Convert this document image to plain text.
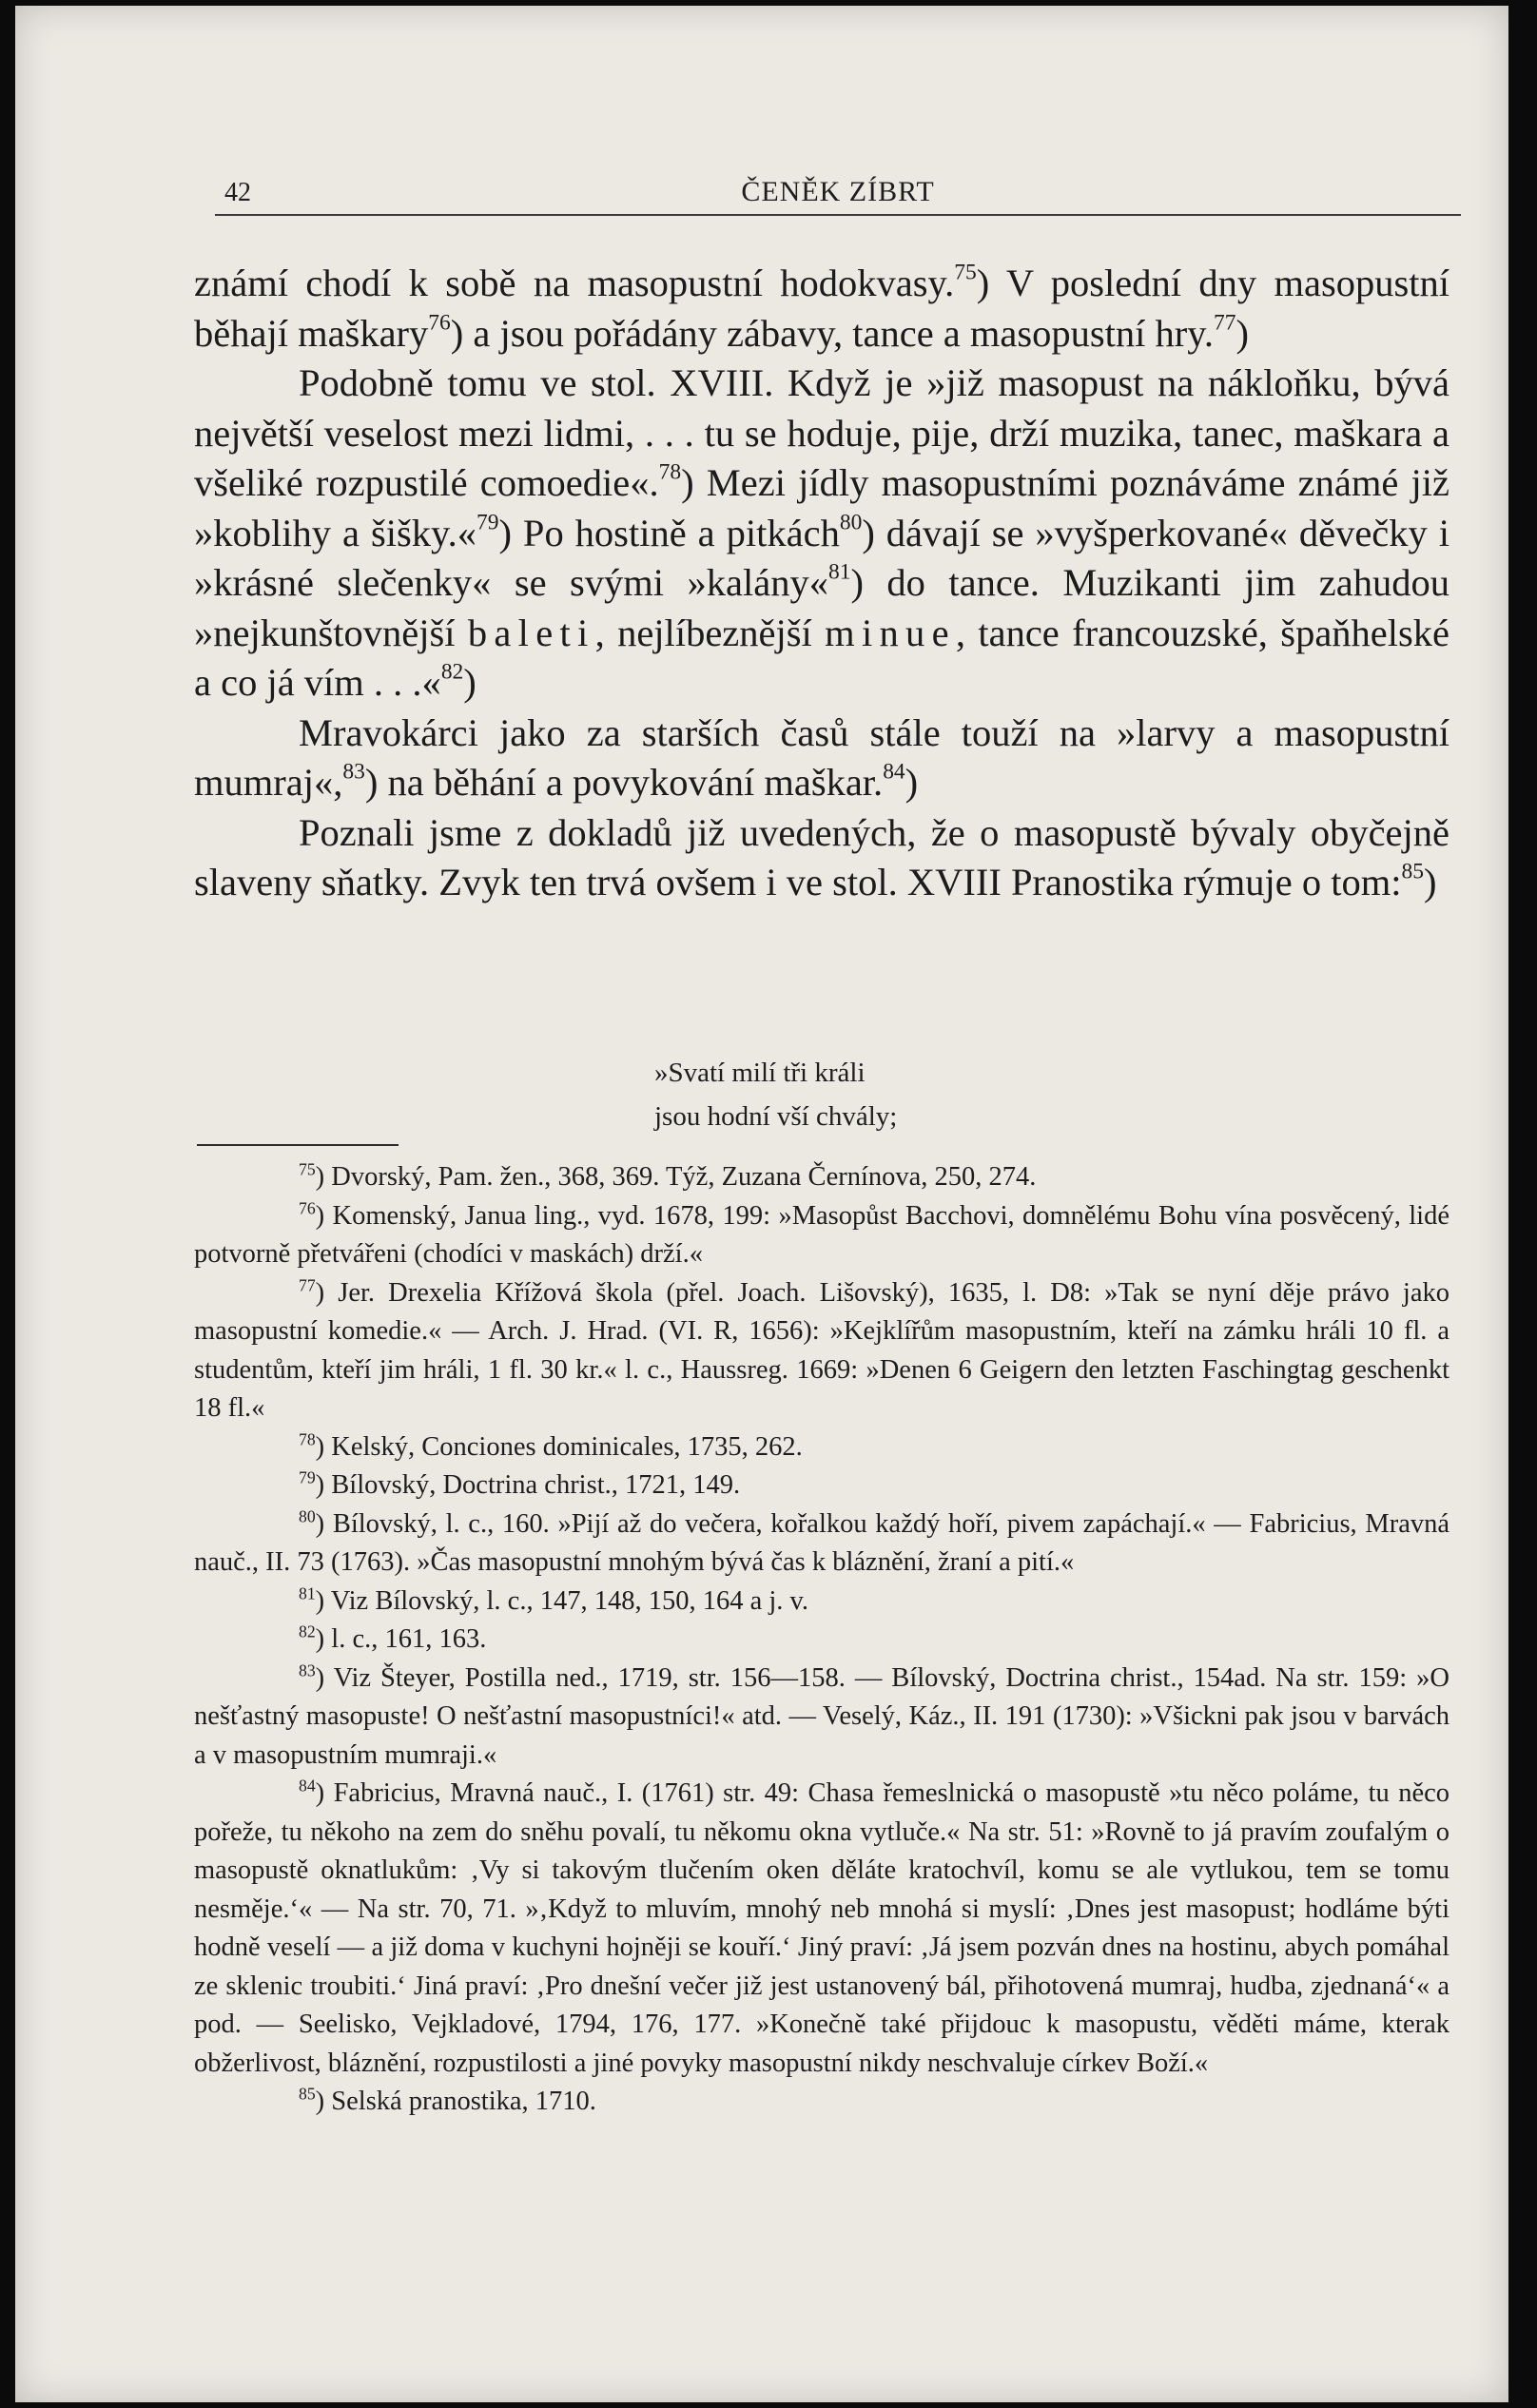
42	ČENĚK ZÍBRT

známí chodí k sobě na masopustní hodokvasy.$^{75}$) V poslední dny masopustní běhají maškary$^{76}$) a jsou pořádány zábavy, tance a masopustní hry.$^{77}$)

Podobně tomu ve stol. XVIII. Když je »již masopust na nákloňku, bývá největší veselost mezi lidmi, . . . tu se hoduje, pije, drží muzika, tanec, maškara a všeliké rozpustilé comoedie«.$^{78}$) Mezi jídly masopustními poznáváme známé již »koblihy a šišky.«$^{79}$) Po hostině a pitkách$^{80}$) dávají se »vyšperkované« děvečky i »krásné slečenky« se svými »kalány«$^{81}$) do tance. Muzikanti jim zahudou »nejkunštovnější baleti, nejlíbeznější minue, tance francouzské, špaňhelské a co já vím . . .«$^{82}$)

Mravokárci jako za starších časů stále touží na »larvy a masopustní mumraj«,$^{83}$) na běhání a povykování maškar.$^{84}$)

Poznali jsme z dokladů již uvedených, že o masopustě bývaly obyčejně slaveny sňatky. Zvyk ten trvá ovšem i ve stol. XVIII Pranostika rýmuje o tom:$^{85}$)

»Svatí milí tři králi
jsou hodní vší chvály;

$^{75}$) Dvorský, Pam. žen., 368, 369. Týž, Zuzana Černínova, 250, 274.

$^{76}$) Komenský, Janua ling., vyd. 1678, 199: »Masopůst Bacchovi, domnělému Bohu vína posvěcený, lidé potvorně přetvářeni (chodíci v maskách) drží.«

$^{77}$) Jer. Drexelia Křížová škola (přel. Joach. Lišovský), 1635, l. D8: »Tak se nyní děje právo jako masopustní komedie.« — Arch. J. Hrad. (VI. R, 1656): »Kejklířům masopustním, kteří na zámku hráli 10 fl. a studentům, kteří jim hráli, 1 fl. 30 kr.« l. c., Haussreg. 1669: »Denen 6 Geigern den letzten Faschingtag geschenkt 18 fl.«

$^{78}$) Kelský, Conciones dominicales, 1735, 262.

$^{79}$) Bílovský, Doctrina christ., 1721, 149.

$^{80}$) Bílovský, l. c., 160. »Pijí až do večera, kořalkou každý hoří, pivem zapáchají.« — Fabricius, Mravná nauč., II. 73 (1763). »Čas masopustní mnohým bývá čas k bláznění, žraní a pití.«

$^{81}$) Viz Bílovský, l. c., 147, 148, 150, 164 a j. v.

$^{82}$) l. c., 161, 163.

$^{83}$) Viz Šteyer, Postilla ned., 1719, str. 156—158. — Bílovský, Doctrina christ., 154ad. Na str. 159: »O nešťastný masopuste! O nešťastní masopustníci!« atd. — Veselý, Káz., II. 191 (1730): »Všickni pak jsou v barvách a v masopustním mumraji.«

$^{84}$) Fabricius, Mravná nauč., I. (1761) str. 49: Chasa řemeslnická o masopustě »tu něco poláme, tu něco pořeže, tu někoho na zem do sněhu povalí, tu někomu okna vytluče.« Na str. 51: »Rovně to já pravím zoufalým o masopustě oknatlukům: ‚Vy si takovým tlučením oken děláte kratochvíl, komu se ale vytlukou, tem se tomu nesměje.‘« — Na str. 70, 71. »‚Když to mluvím, mnohý neb mnohá si myslí: ‚Dnes jest masopust; hodláme býti hodně veselí — a již doma v kuchyni hojněji se kouří.‘ Jiný praví: ‚Já jsem pozván dnes na hostinu, abych pomáhal ze sklenic troubiti.‘ Jiná praví: ‚Pro dnešní večer již jest ustanovený bál, přihotovená mumraj, hudba, zjednaná‘« a pod. — Seelisko, Vejkladové, 1794, 176, 177. »Konečně také přijdouc k masopustu, věděti máme, kterak obžerlivost, bláznění, rozpustilosti a jiné povyky masopustní nikdy neschvaluje církev Boží.«

$^{85}$) Selská pranostika, 1710.
